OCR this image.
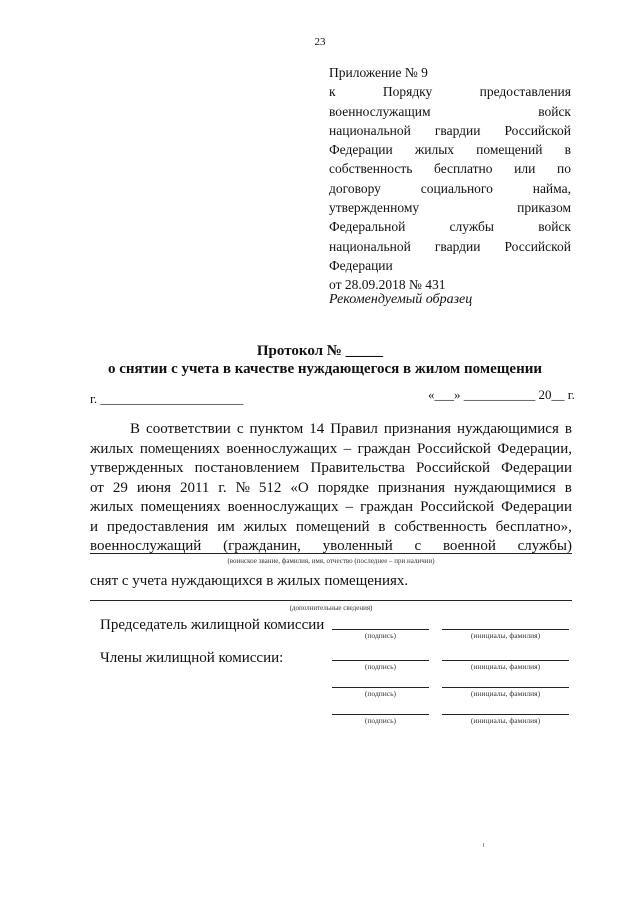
23
Приложение № 9
к	Порядку	предоставления
военнослужащим	войск
национальной гвардии Российской
Федерации жилых помещений в
собственность бесплатно или по
договору	социального	найма,
утвержденному	приказом
Федеральной	службы	войск
национальной гвардии Российской
Федерации
от 28.09.2018 № 431
Рекомендуемый образец
Протокол № _____
о снятии с учета в качестве нуждающегося в жилом помещении
г. ______________________	«___» ___________ 20__ г.
В соответствии с пунктом 14 Правил признания нуждающимися в
жилых помещениях военнослужащих – граждан Российской Федерации,
утвержденных постановлением Правительства Российской Федерации
от 29 июня 2011 г. № 512 «О порядке признания нуждающимися в
жилых помещениях военнослужащих – граждан Российской Федерации
и предоставления им жилых помещений в собственность бесплатно»,
военнослужащий (гражданин, уволенный с военной службы)
(воинское звание, фамилия, имя, отчество (последнее – при наличии)
снят с учета нуждающихся в жилых помещениях.
(дополнительные сведения)
Председатель жилищной комиссии
(подпись)	(инициалы, фамилия)
Члены жилищной комиссии:
(подпись)	(инициалы, фамилия)
(подпись)	(инициалы, фамилия)
(подпись)	(инициалы, фамилия)
